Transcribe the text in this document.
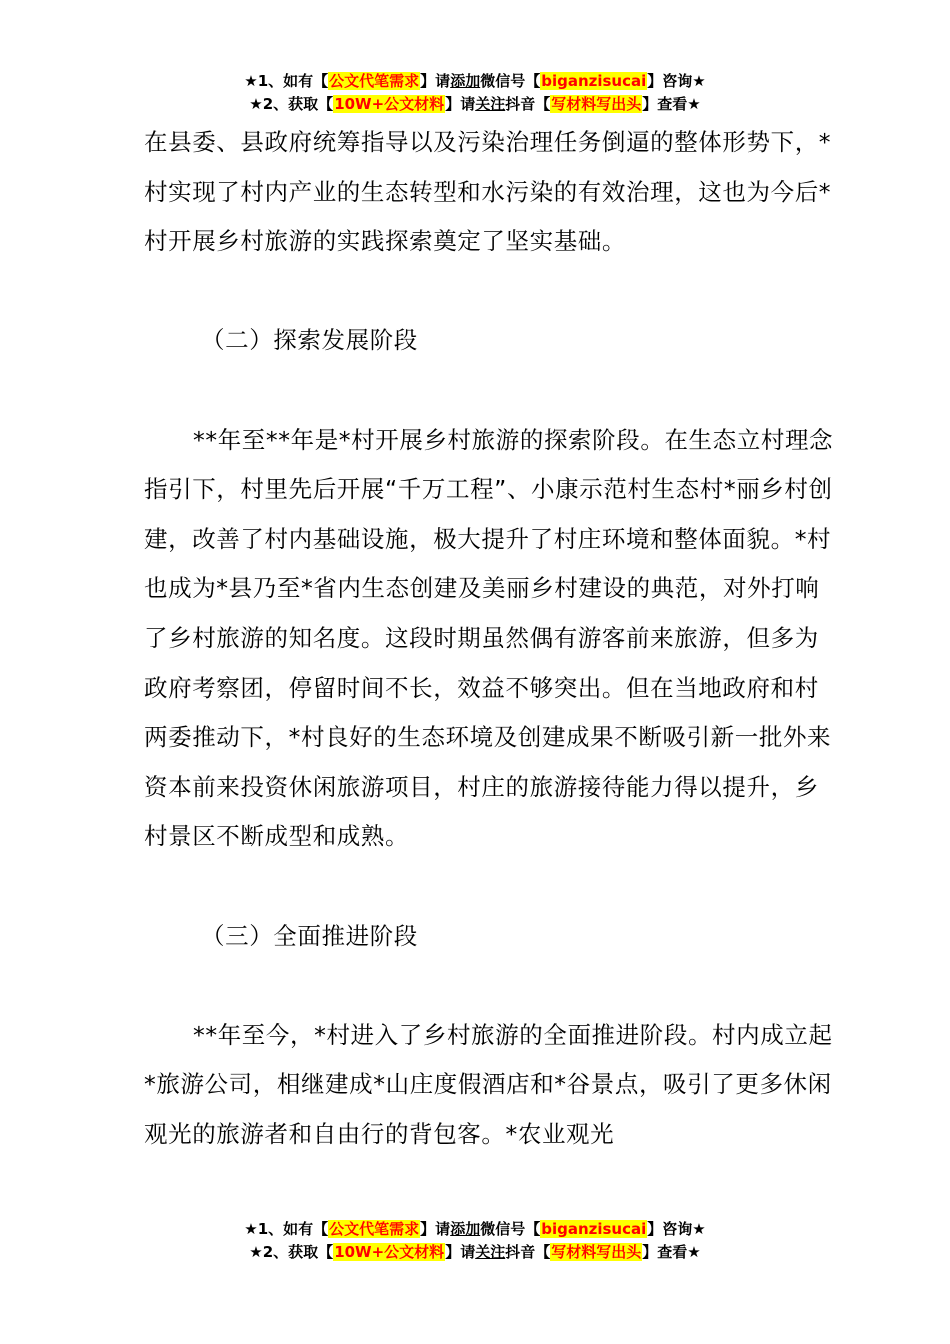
★1、如有【公文代笔需求】请添加微信号【biganzisucai】咨询★
★2、获取【10W+公文材料】请关注抖音【写材料写出头】查看★

在县委、县政府统筹指导以及污染治理任务倒逼的整体形势下，*村实现了村内产业的生态转型和水污染的有效治理，这也为今后*村开展乡村旅游的实践探索奠定了坚实基础。

（二）探索发展阶段

**年至**年是*村开展乡村旅游的探索阶段。在生态立村理念指引下，村里先后开展“千万工程”、小康示范村生态村*丽乡村创建，改善了村内基础设施，极大提升了村庄环境和整体面貌。*村也成为*县乃至*省内生态创建及美丽乡村建设的典范，对外打响了乡村旅游的知名度。这段时期虽然偶有游客前来旅游，但多为政府考察团，停留时间不长，效益不够突出。但在当地政府和村两委推动下，*村良好的生态环境及创建成果不断吸引新一批外来资本前来投资休闲旅游项目，村庄的旅游接待能力得以提升，乡村景区不断成型和成熟。

（三）全面推进阶段

**年至今，*村进入了乡村旅游的全面推进阶段。村内成立起*旅游公司，相继建成*山庄度假酒店和*谷景点，吸引了更多休闲观光的旅游者和自由行的背包客。*农业观光

★1、如有【公文代笔需求】请添加微信号【biganzisucai】咨询★
★2、获取【10W+公文材料】请关注抖音【写材料写出头】查看★
